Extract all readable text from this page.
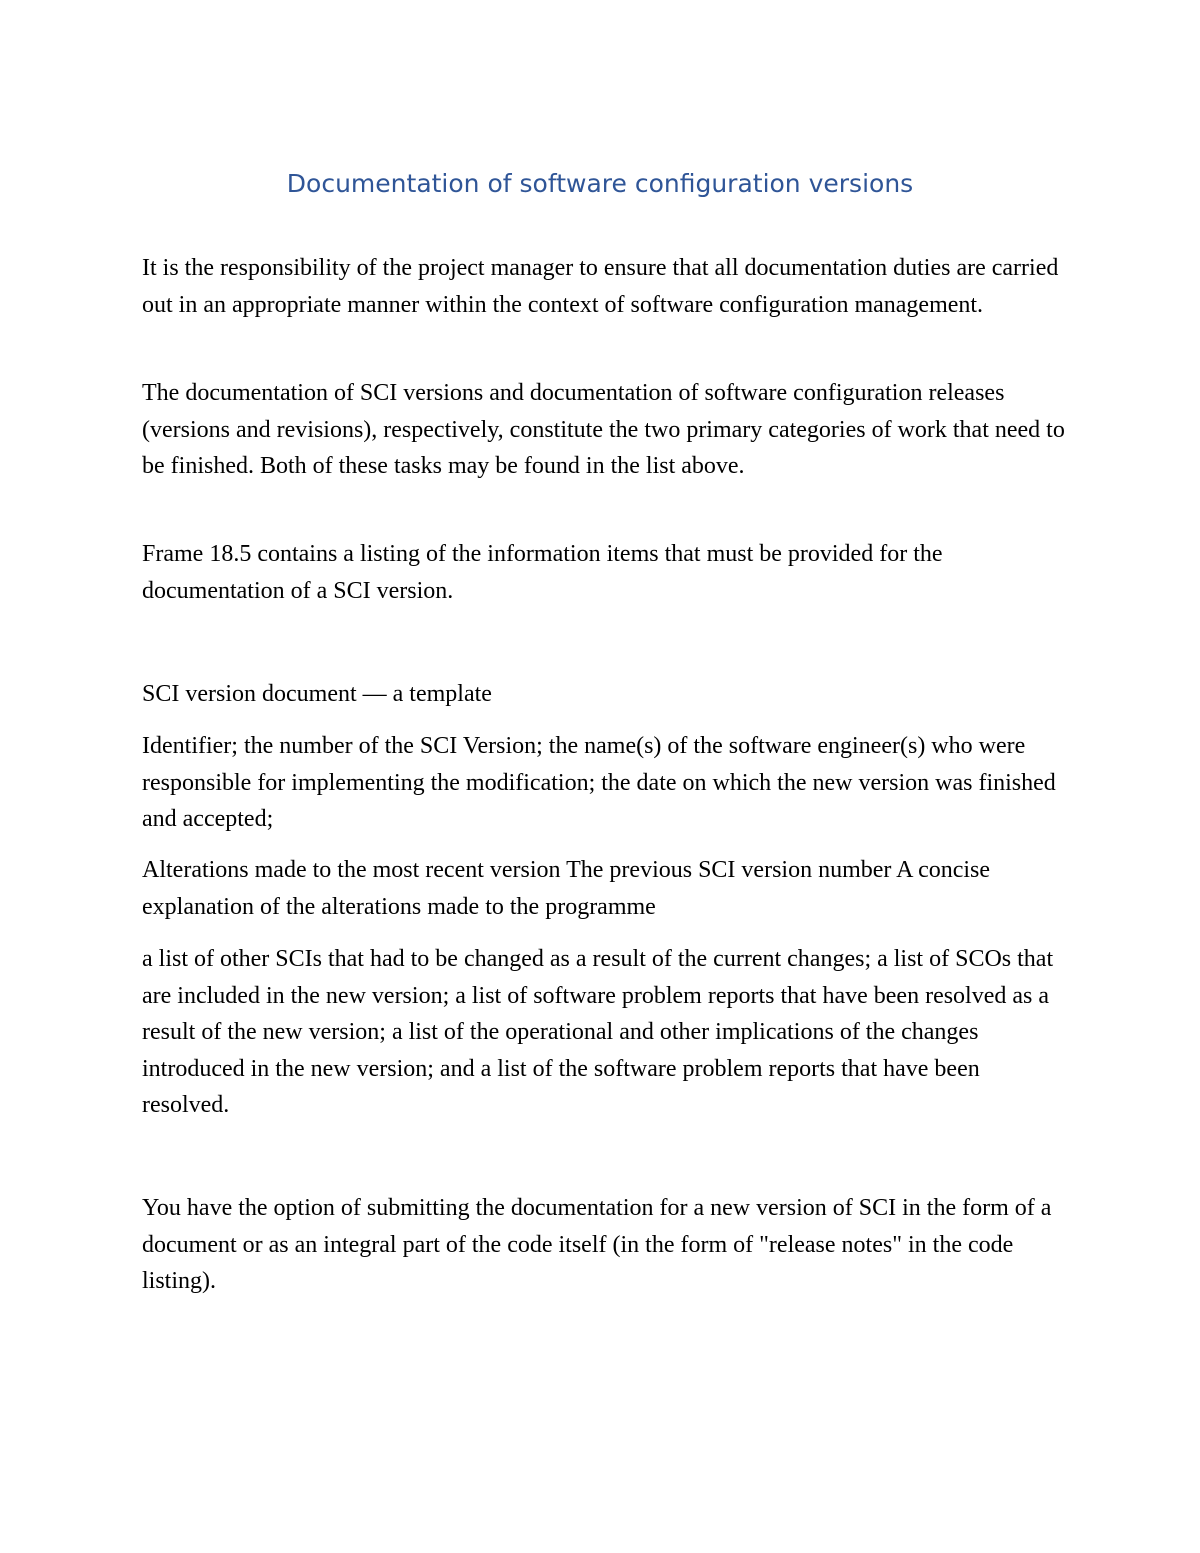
Documentation of software configuration versions

It is the responsibility of the project manager to ensure that all documentation duties are carried out in an appropriate manner within the context of software configuration management.

The documentation of SCI versions and documentation of software configuration releases (versions and revisions), respectively, constitute the two primary categories of work that need to be finished. Both of these tasks may be found in the list above.

Frame 18.5 contains a listing of the information items that must be provided for the documentation of a SCI version.

SCI version document — a template

Identifier; the number of the SCI Version; the name(s) of the software engineer(s) who were responsible for implementing the modification; the date on which the new version was finished and accepted;

Alterations made to the most recent version The previous SCI version number A concise explanation of the alterations made to the programme

a list of other SCIs that had to be changed as a result of the current changes; a list of SCOs that are included in the new version; a list of software problem reports that have been resolved as a result of the new version; a list of the operational and other implications of the changes introduced in the new version; and a list of the software problem reports that have been resolved.

You have the option of submitting the documentation for a new version of SCI in the form of a document or as an integral part of the code itself (in the form of "release notes" in the code listing).
